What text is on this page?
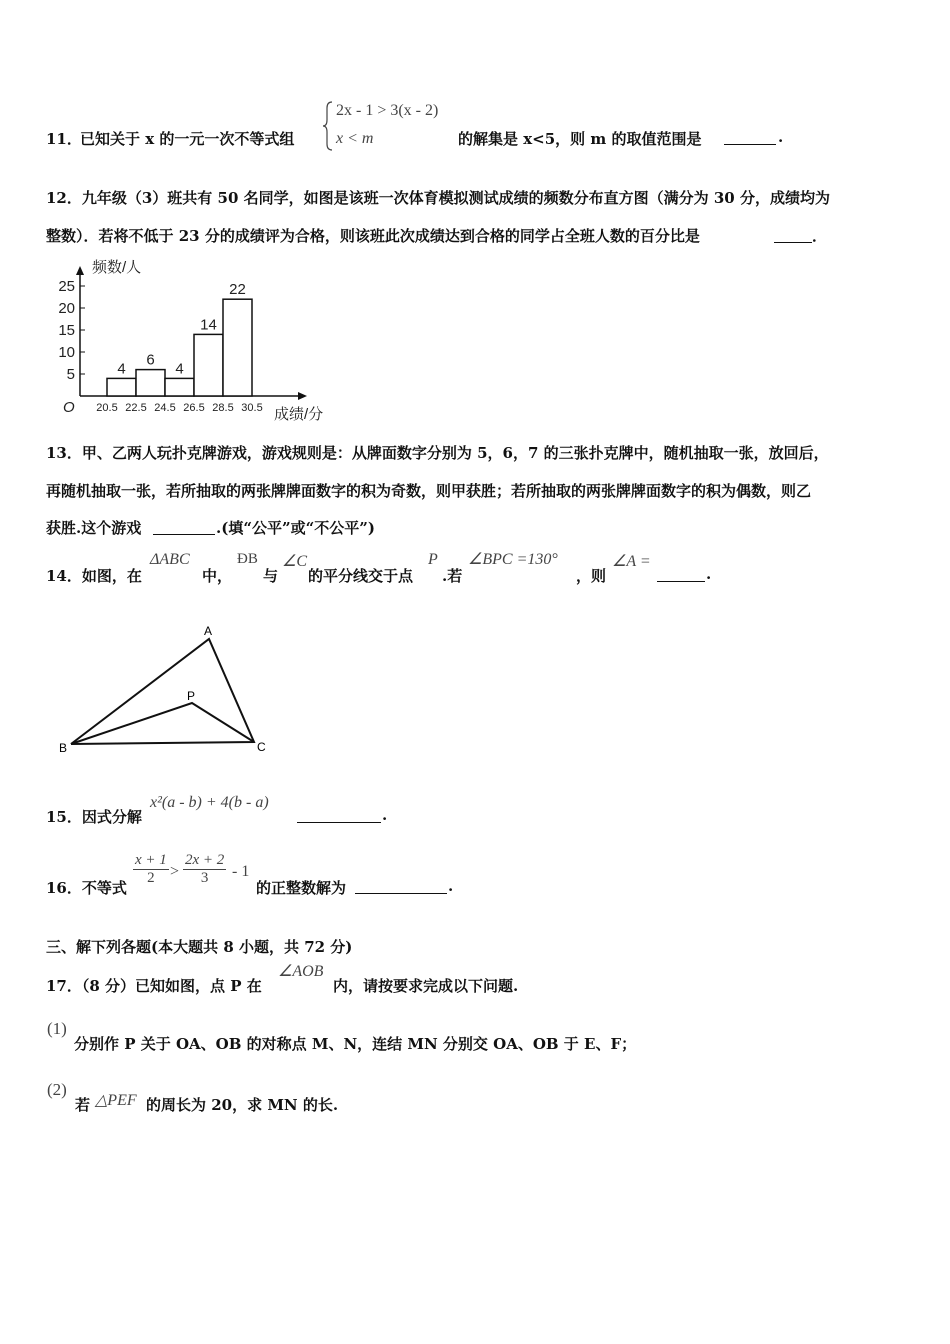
11．
已知关于 x 的一元一次不等式组
2x - 1 > 3(x - 2)
x < m	的解集是 x<5，则 m 的取值范围是	.
12．九年级（3）班共有 50 名同学，如图是该班一次体育模拟测试成绩的频数分布直方图（满分为 30 分，成绩均为
整数）．若将不低于 23 分的成绩评为合格，则该班此次成绩达到合格的同学占全班人数的百分比是	．
5
10
15
20
25
频数/人
成绩/分
O
4
6
4
14
22
20.5 22.5 24.5 26.5 28.5 30.5
13．甲、乙两人玩扑克牌游戏，游戏规则是：从牌面数字分别为 5，6，7 的三张扑克牌中，随机抽取一张，放回后，
再随机抽取一张，若所抽取的两张牌牌面数字的积为奇数，则甲获胜；若所抽取的两张牌牌面数字的积为偶数，则乙
获胜.这个游戏	.(填“公平”或“不公平”)
14．如图，在
ΔABC
中，
ÐB
与
∠C
的平分线交于点
P
.若
∠BPC =130°
，则
∠A =
.
A
P
B	C
15．因式分解
x²(a - b) + 4(b - a)
.
16．不等式
$\frac{x + 1}{2} > \frac{2x + 2}{3} - 1$
的正整数解为	.
三、解下列各题(本大题共 8 小题，共 72 分)
17．（8 分）已知如图，点 P 在
∠AOB
内，请按要求完成以下问题.
(1)
分别作 P 关于 OA、OB 的对称点 M、N，连结 MN 分别交 OA、OB 于 E、F；
(2)
若 △PEF 的周长为 20，求 MN 的长.
